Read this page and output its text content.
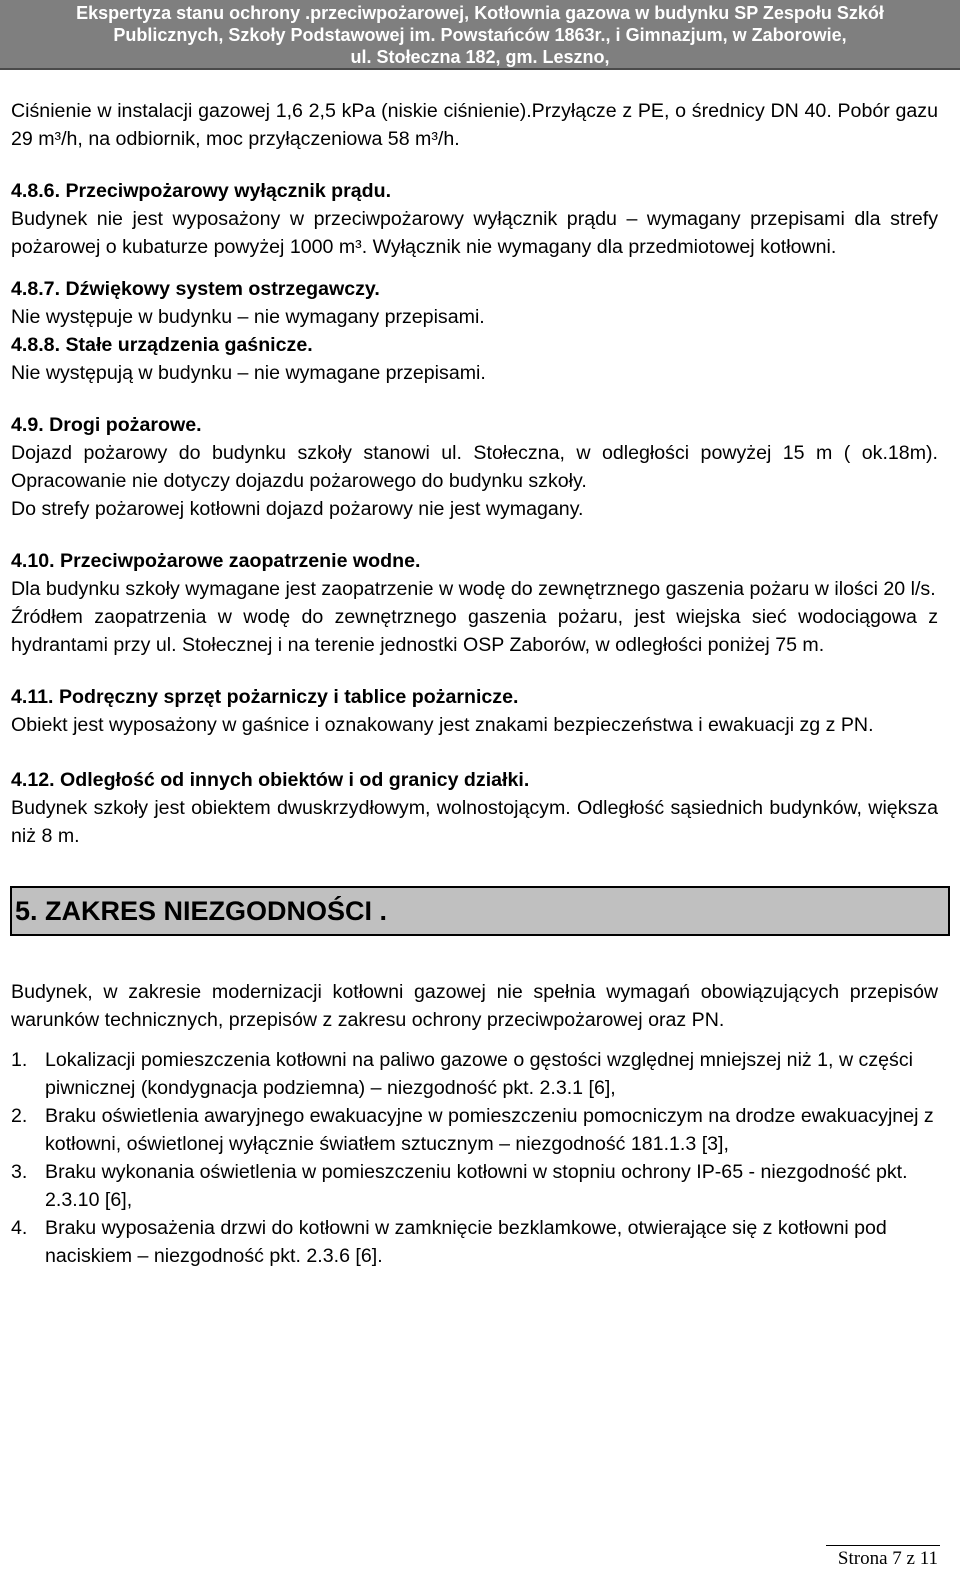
Ekspertyza stanu ochrony .przeciwpożarowej, Kotłownia gazowa w budynku SP Zespołu Szkół
Publicznych, Szkoły Podstawowej im. Powstańców 1863r., i Gimnazjum, w Zaborowie,
ul. Stołeczna 182, gm. Leszno,

Ciśnienie w instalacji gazowej 1,6 2,5 kPa (niskie ciśnienie).Przyłącze z PE, o średnicy DN 40. Pobór gazu 29 m³/h, na odbiornik, moc przyłączeniowa 58 m³/h.

4.8.6. Przeciwpożarowy wyłącznik prądu.

Budynek nie jest wyposażony w przeciwpożarowy wyłącznik prądu – wymagany przepisami dla strefy pożarowej o kubaturze powyżej 1000 m³. Wyłącznik nie wymagany dla przedmiotowej kotłowni.

4.8.7. Dźwiękowy system ostrzegawczy.

Nie występuje w budynku – nie wymagany przepisami.

4.8.8. Stałe urządzenia gaśnicze.

Nie występują w budynku – nie wymagane przepisami.

4.9. Drogi pożarowe.

Dojazd pożarowy do budynku szkoły stanowi ul. Stołeczna, w odległości powyżej 15 m ( ok.18m). Opracowanie nie dotyczy dojazdu pożarowego do budynku szkoły.

Do strefy pożarowej kotłowni dojazd pożarowy nie jest wymagany.

4.10. Przeciwpożarowe zaopatrzenie wodne.

Dla budynku szkoły wymagane jest zaopatrzenie w wodę do zewnętrznego gaszenia pożaru w ilości 20 l/s.

Źródłem zaopatrzenia w wodę do zewnętrznego gaszenia pożaru, jest wiejska sieć wodociągowa z hydrantami przy ul. Stołecznej i na terenie jednostki OSP Zaborów, w odległości poniżej 75 m.

4.11. Podręczny sprzęt pożarniczy i tablice pożarnicze.

Obiekt jest wyposażony w gaśnice i oznakowany jest znakami bezpieczeństwa i ewakuacji zg z PN.

4.12. Odległość od innych obiektów i od granicy działki.

Budynek szkoły jest obiektem dwuskrzydłowym, wolnostojącym. Odległość sąsiednich budynków, większa niż 8 m.

5. ZAKRES NIEZGODNOŚCI .

Budynek, w zakresie modernizacji kotłowni gazowej nie spełnia wymagań obowiązujących przepisów warunków technicznych, przepisów z zakresu ochrony przeciwpożarowej oraz PN.

1. Lokalizacji pomieszczenia kotłowni na paliwo gazowe o gęstości względnej mniejszej niż 1, w części piwnicznej (kondygnacja podziemna) – niezgodność pkt. 2.3.1 [6],
2. Braku oświetlenia awaryjnego ewakuacyjne w pomieszczeniu pomocniczym na drodze ewakuacyjnej z kotłowni, oświetlonej wyłącznie światłem sztucznym – niezgodność 181.1.3 [3],
3. Braku wykonania oświetlenia w pomieszczeniu kotłowni w stopniu ochrony IP-65 - niezgodność pkt. 2.3.10 [6],
4. Braku wyposażenia drzwi do kotłowni w zamknięcie bezklamkowe, otwierające się z kotłowni pod naciskiem – niezgodność pkt. 2.3.6 [6].
Strona 7 z 11
